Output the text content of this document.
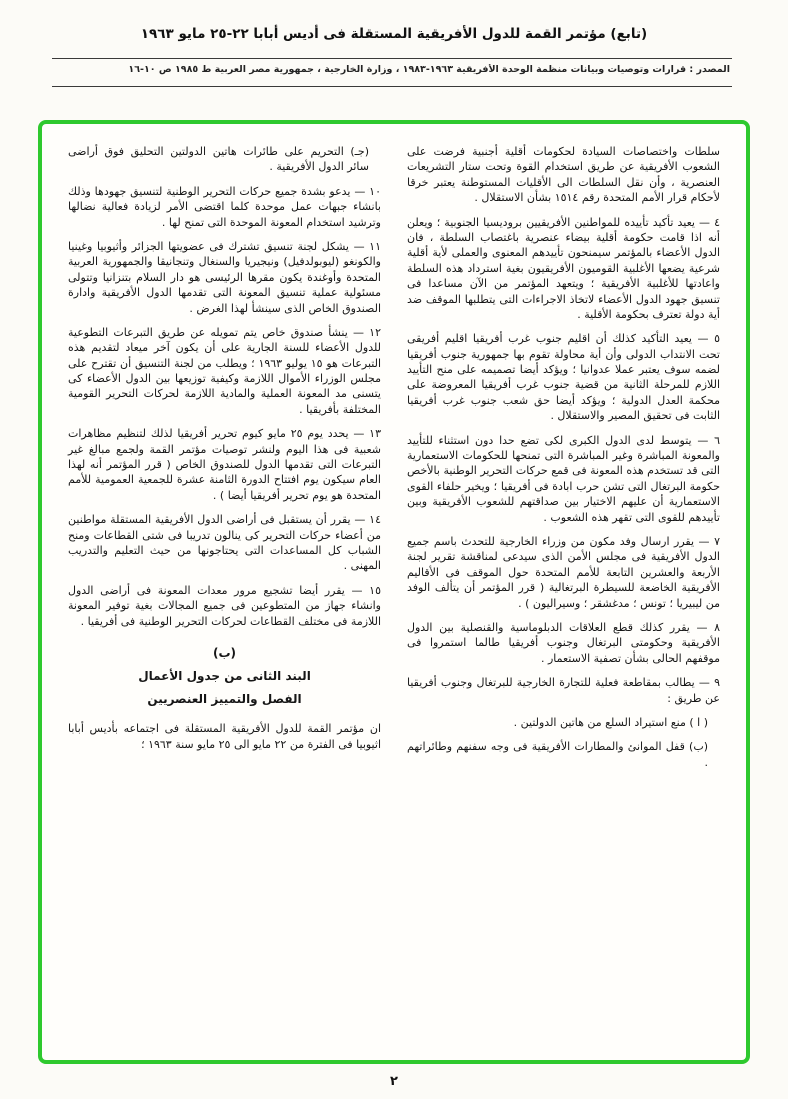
(تابع) مؤتمر القمة للدول الأفريقية المستقلة فى أديس أبابا ٢٢-٢٥ مايو ١٩٦٣
المصدر : قرارات وتوصيات وبيانات منظمة الوحدة الأفريقية ١٩٦٣-١٩٨٣ ، وزارة الخارجية ، جمهورية مصر العربية ط ١٩٨٥ ص ١٠-١٦

سلطات واختصاصات السيادة لحكومات أقلية أجنبية فرضت على الشعوب الأفريقية عن طريق استخدام القوة وتحت ستار التشريعات العنصرية ، وأن نقل السلطات الى الأقليات المستوطنة يعتبر خرقا لأحكام قرار الأمم المتحدة رقم ١٥١٤ بشأن الاستقلال .

٤ — يعيد تأكيد تأييده للمواطنين الأفريقيين بروديسيا الجنوبية ؛ ويعلن أنه اذا قامت حكومة أقلية بيضاء عنصرية باغتصاب السلطة ، فان الدول الأعضاء بالمؤتمر سيمنحون تأييدهم المعنوى والعملى لأية أقلية شرعية يضعها الأغلبية القوميون الأفريقيون بغية استرداد هذه السلطة واعادتها للأغلبية الأفريقية ؛ ويتعهد المؤتمر من الآن مساعدا فى تنسيق جهود الدول الأعضاء لاتخاذ الاجراءات التى يتطلبها الموقف ضد أية دولة تعترف بحكومة الأقلية .

٥ — يعيد التأكيد كذلك أن اقليم جنوب غرب أفريقيا اقليم أفريقى تحت الانتداب الدولى وأن أية محاولة تقوم بها جمهورية جنوب أفريقيا لضمه سوف يعتبر عملا عدوانيا ؛ ويؤكد أيضا تصميمه على منح التأييد اللازم للمرحلة الثانية من قضية جنوب غرب أفريقيا المعروضة على محكمة العدل الدولية ؛ ويؤكد أيضا حق شعب جنوب غرب أفريقيا الثابت فى تحقيق المصير والاستقلال .

٦ — يتوسط لدى الدول الكبرى لكى تضع حدا دون استثناء للتأييد والمعونة المباشرة وغير المباشرة التى تمنحها للحكومات الاستعمارية التى قد تستخدم هذه المعونة فى قمع حركات التحرير الوطنية بالأخص حكومة البرتغال التى تشن حرب ابادة فى أفريقيا ؛ ويخير حلفاء القوى الاستعمارية أن عليهم الاختيار بين صداقتهم للشعوب الأفريقية وبين تأييدهم للقوى التى تقهر هذه الشعوب .

٧ — يقرر ارسال وفد مكون من وزراء الخارجية للتحدث باسم جميع الدول الأفريقية فى مجلس الأمن الذى سيدعى لمناقشة تقرير لجنة الأربعة والعشرين التابعة للأمم المتحدة حول الموقف فى الأقاليم الأفريقية الخاضعة للسيطرة البرتغالية ( قرر المؤتمر أن يتألف الوفد من ليبيريا ؛ تونس ؛ مدغشقر ؛ وسيراليون ) .

٨ — يقرر كذلك قطع العلاقات الدبلوماسية والقنصلية بين الدول الأفريقية وحكومتى البرتغال وجنوب أفريقيا طالما استمروا فى موقفهم الحالى بشأن تصفية الاستعمار .

٩ — يطالب بمقاطعة فعلية للتجارة الخارجية للبرتغال وجنوب أفريقيا عن طريق :

( ا ) منع استيراد السلع من هاتين الدولتين .

(ب) قفل الموانئ والمطارات الأفريقية فى وجه سفنهم وطائراتهم .

(جـ) التحريم على طائرات هاتين الدولتين التحليق فوق أراضى سائر الدول الأفريقية .

١٠ — يدعو بشدة جميع حركات التحرير الوطنية لتنسيق جهودها وذلك بانشاء جبهات عمل موحدة كلما اقتضى الأمر لزيادة فعالية نضالها وترشيد استخدام المعونة الموحدة التى تمنح لها .

١١ — يشكل لجنة تنسيق تشترك فى عضويتها الجزائر وأثيوبيا وغينيا والكونغو (ليوبولدفيل) ونيجيريا والسنغال وتنجانيقا والجمهورية العربية المتحدة وأوغندة يكون مقرها الرئيسى هو دار السلام بتنزانيا وتتولى مسئولية عملية تنسيق المعونة التى تقدمها الدول الأفريقية وادارة الصندوق الخاص الذى سينشأ لهذا الغرض .

١٢ — ينشأ صندوق خاص يتم تمويله عن طريق التبرعات التطوعية للدول الأعضاء للسنة الجارية على أن يكون آخر ميعاد لتقديم هذه التبرعات هو ١٥ يوليو ١٩٦٣ ؛ ويطلب من لجنة التنسيق أن تقترح على مجلس الوزراء الأموال اللازمة وكيفية توزيعها بين الدول الأعضاء كى يتسنى مد المعونة العملية والمادية اللازمة لحركات التحرير القومية المختلفة بأفريقيا .

١٣ — يحدد يوم ٢٥ مايو كيوم تحرير أفريقيا لذلك لتنظيم مظاهرات شعبية فى هذا اليوم ولنشر توصيات مؤتمر القمة ولجمع مبالغ غير التبرعات التى تقدمها الدول للصندوق الخاص ( قرر المؤتمر أنه لهذا العام سيكون يوم افتتاح الدورة الثامنة عشرة للجمعية العمومية للأمم المتحدة هو يوم تحرير أفريقيا أيضا ) .

١٤ — يقرر أن يستقبل فى أراضى الدول الأفريقية المستقلة مواطنين من أعضاء حركات التحرير كى ينالون تدريبا فى شتى القطاعات ومنح الشباب كل المساعدات التى يحتاجونها من حيث التعليم والتدريب المهنى .

١٥ — يقرر أيضا تشجيع مرور معدات المعونة فى أراضى الدول وانشاء جهاز من المتطوعين فى جميع المجالات بغية توفير المعونة اللازمة فى مختلف القطاعات لحركات التحرير الوطنية فى أفريقيا .

(ب)
البند الثانى من جدول الأعمال
الفصل والتمييز العنصريين

ان مؤتمر القمة للدول الأفريقية المستقلة فى اجتماعه بأديس أبابا اثيوبيا فى الفترة من ٢٢ مايو الى ٢٥ مايو سنة ١٩٦٣ ؛

٢
